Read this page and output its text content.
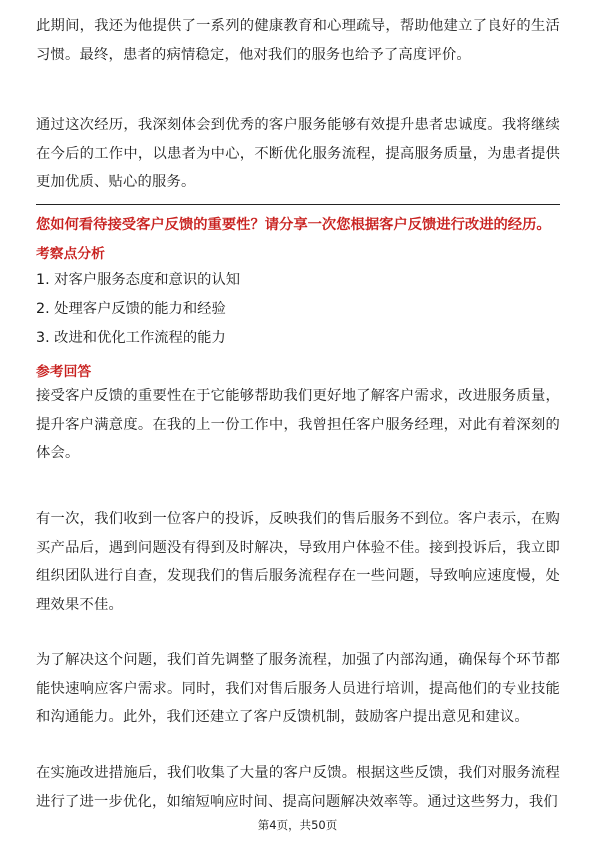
此期间，我还为他提供了一系列的健康教育和心理疏导，帮助他建立了良好的生活习惯。最终，患者的病情稳定，他对我们的服务也给予了高度评价。

通过这次经历，我深刻体会到优秀的客户服务能够有效提升患者忠诚度。我将继续在今后的工作中，以患者为中心，不断优化服务流程，提高服务质量，为患者提供更加优质、贴心的服务。

您如何看待接受客户反馈的重要性？请分享一次您根据客户反馈进行改进的经历。
考察点分析
1. 对客户服务态度和意识的认知
2. 处理客户反馈的能力和经验
3. 改进和优化工作流程的能力
参考回答

接受客户反馈的重要性在于它能够帮助我们更好地了解客户需求，改进服务质量，提升客户满意度。在我的上一份工作中，我曾担任客户服务经理，对此有着深刻的体会。

有一次，我们收到一位客户的投诉，反映我们的售后服务不到位。客户表示，在购买产品后，遇到问题没有得到及时解决，导致用户体验不佳。接到投诉后，我立即组织团队进行自查，发现我们的售后服务流程存在一些问题，导致响应速度慢，处理效果不佳。

为了解决这个问题，我们首先调整了服务流程，加强了内部沟通，确保每个环节都能快速响应客户需求。同时，我们对售后服务人员进行培训，提高他们的专业技能和沟通能力。此外，我们还建立了客户反馈机制，鼓励客户提出意见和建议。

在实施改进措施后，我们收集了大量的客户反馈。根据这些反馈，我们对服务流程进行了进一步优化，如缩短响应时间、提高问题解决效率等。通过这些努力，我们

第4页，共50页
